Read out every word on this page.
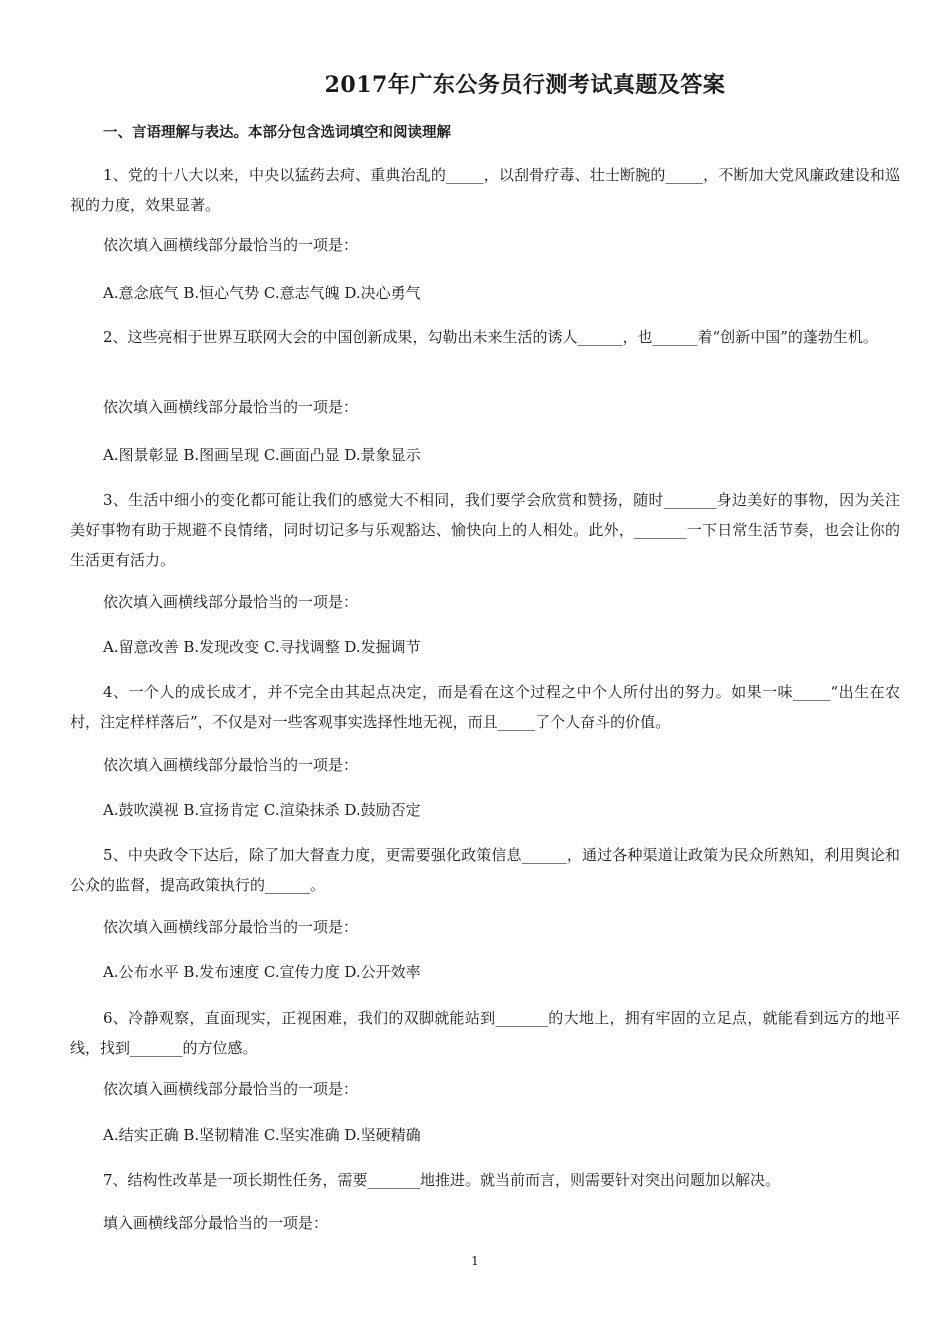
2017年广东公务员行测考试真题及答案
一、言语理解与表达。本部分包含选词填空和阅读理解
1、党的十八大以来，中央以猛药去疴、重典治乱的_____，以刮骨疗毒、壮士断腕的_____，不断加大党风廉政建设和巡视的力度，效果显著。
依次填入画横线部分最恰当的一项是：
A.意念底气 B.恒心气势 C.意志气魄 D.决心勇气
2、这些亮相于世界互联网大会的中国创新成果，勾勒出未来生活的诱人______，也______着“创新中国”的蓬勃生机。
依次填入画横线部分最恰当的一项是：
A.图景彰显 B.图画呈现 C.画面凸显 D.景象显示
3、生活中细小的变化都可能让我们的感觉大不相同，我们要学会欣赏和赞扬，随时_______身边美好的事物，因为关注美好事物有助于规避不良情绪，同时切记多与乐观豁达、愉快向上的人相处。此外，_______一下日常生活节奏，也会让你的生活更有活力。
依次填入画横线部分最恰当的一项是：
A.留意改善 B.发现改变 C.寻找调整 D.发掘调节
4、一个人的成长成才，并不完全由其起点决定，而是看在这个过程之中个人所付出的努力。如果一味_____“出生在农村，注定样样落后”，不仅是对一些客观事实选择性地无视，而且_____了个人奋斗的价值。
依次填入画横线部分最恰当的一项是：
A.鼓吹漠视 B.宣扬肯定 C.渲染抹杀 D.鼓励否定
5、中央政令下达后，除了加大督查力度，更需要强化政策信息______，通过各种渠道让政策为民众所熟知，利用舆论和公众的监督，提高政策执行的______。
依次填入画横线部分最恰当的一项是：
A.公布水平 B.发布速度 C.宣传力度 D.公开效率
6、冷静观察，直面现实，正视困难，我们的双脚就能站到_______的大地上，拥有牢固的立足点，就能看到远方的地平线，找到_______的方位感。
依次填入画横线部分最恰当的一项是：
A.结实正确 B.坚韧精准 C.坚实准确 D.坚硬精确
7、结构性改革是一项长期性任务，需要_______地推进。就当前而言，则需要针对突出问题加以解决。
填入画横线部分最恰当的一项是：
1
